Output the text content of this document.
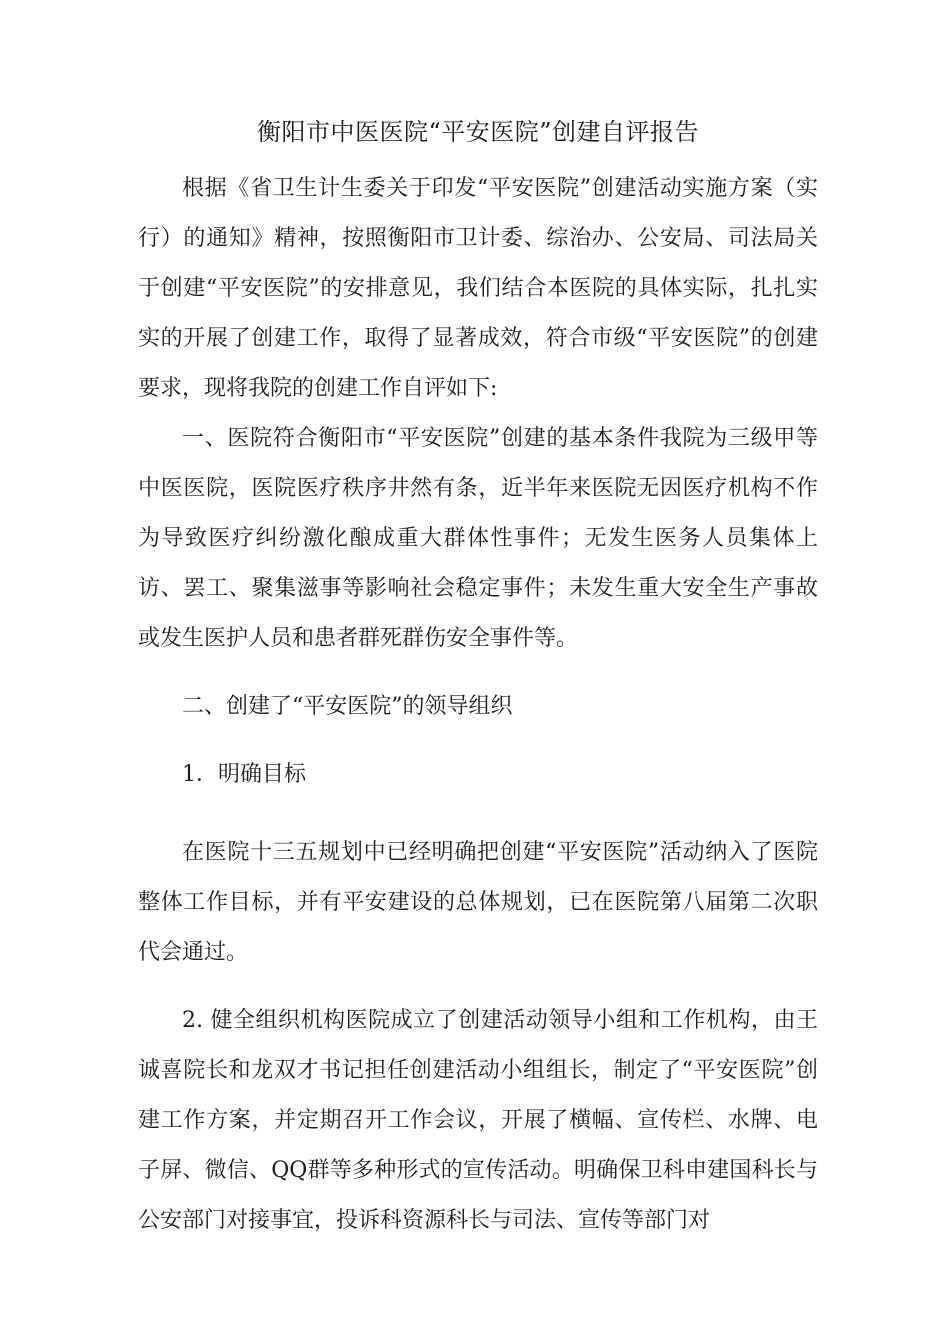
衡阳市中医医院“平安医院”创建自评报告

根据《省卫生计生委关于印发“平安医院”创建活动实施方案（实行）的通知》精神，按照衡阳市卫计委、综治办、公安局、司法局关于创建“平安医院”的安排意见，我们结合本医院的具体实际，扎扎实实的开展了创建工作，取得了显著成效，符合市级“平安医院”的创建要求，现将我院的创建工作自评如下:

一、医院符合衡阳市“平安医院”创建的基本条件我院为三级甲等中医医院，医院医疗秩序井然有条，近半年来医院无因医疗机构不作为导致医疗纠纷激化酿成重大群体性事件；无发生医务人员集体上访、罢工、聚集滋事等影响社会稳定事件；未发生重大安全生产事故或发生医护人员和患者群死群伤安全事件等。

二、创建了“平安医院”的领导组织

1．明确目标

在医院十三五规划中已经明确把创建“平安医院”活动纳入了医院整体工作目标，并有平安建设的总体规划，已在医院第八届第二次职代会通过。

2. 健全组织机构医院成立了创建活动领导小组和工作机构，由王诚喜院长和龙双才书记担任创建活动小组组长，制定了“平安医院”创建工作方案，并定期召开工作会议，开展了横幅、宣传栏、水牌、电子屏、微信、QQ群等多种形式的宣传活动。明确保卫科申建国科长与公安部门对接事宜，投诉科资源科长与司法、宣传等部门对
